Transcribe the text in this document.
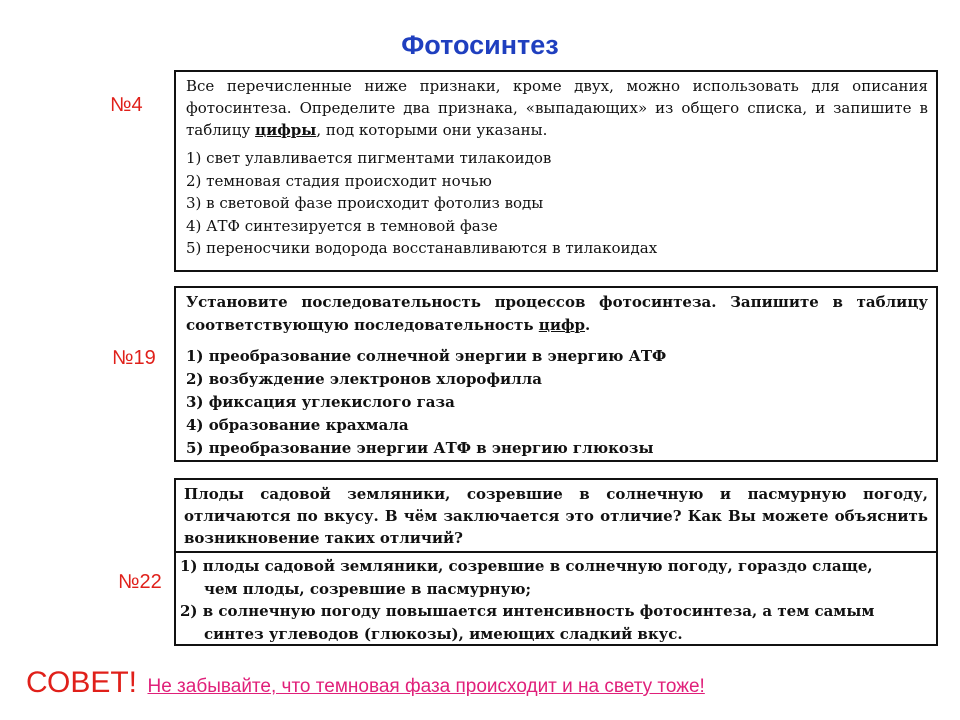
Фотосинтез
№4

Все перечисленные ниже признаки, кроме двух, можно использовать для описания фотосинтеза. Определите два признака, «выпадающих» из общего списка, и запишите в таблицу цифры, под которыми они указаны.

1) свет улавливается пигментами тилакоидов
2) темновая стадия происходит ночью
3) в световой фазе происходит фотолиз воды
4) АТФ синтезируется в темновой фазе
5) переносчики водорода восстанавливаются в тилакоидах
№19

Установите последовательность процессов фотосинтеза. Запишите в таблицу соответствующую последовательность цифр.

1) преобразование солнечной энергии в энергию АТФ
2) возбуждение электронов хлорофилла
3) фиксация углекислого газа
4) образование крахмала
5) преобразование энергии АТФ в энергию глюкозы
№22

Плоды садовой земляники, созревшие в солнечную и пасмурную погоду, отличаются по вкусу. В чём заключается это отличие? Как Вы можете объяснить возникновение таких отличий?

1) плоды садовой земляники, созревшие в солнечную погоду, гораздо слаще,
чем плоды, созревшие в пасмурную;

2) в солнечную погоду повышается интенсивность фотосинтеза, а тем самым
синтез углеводов (глюкозы), имеющих сладкий вкус.

СОВЕТ! Не забывайте, что темновая фаза происходит и на свету тоже!
